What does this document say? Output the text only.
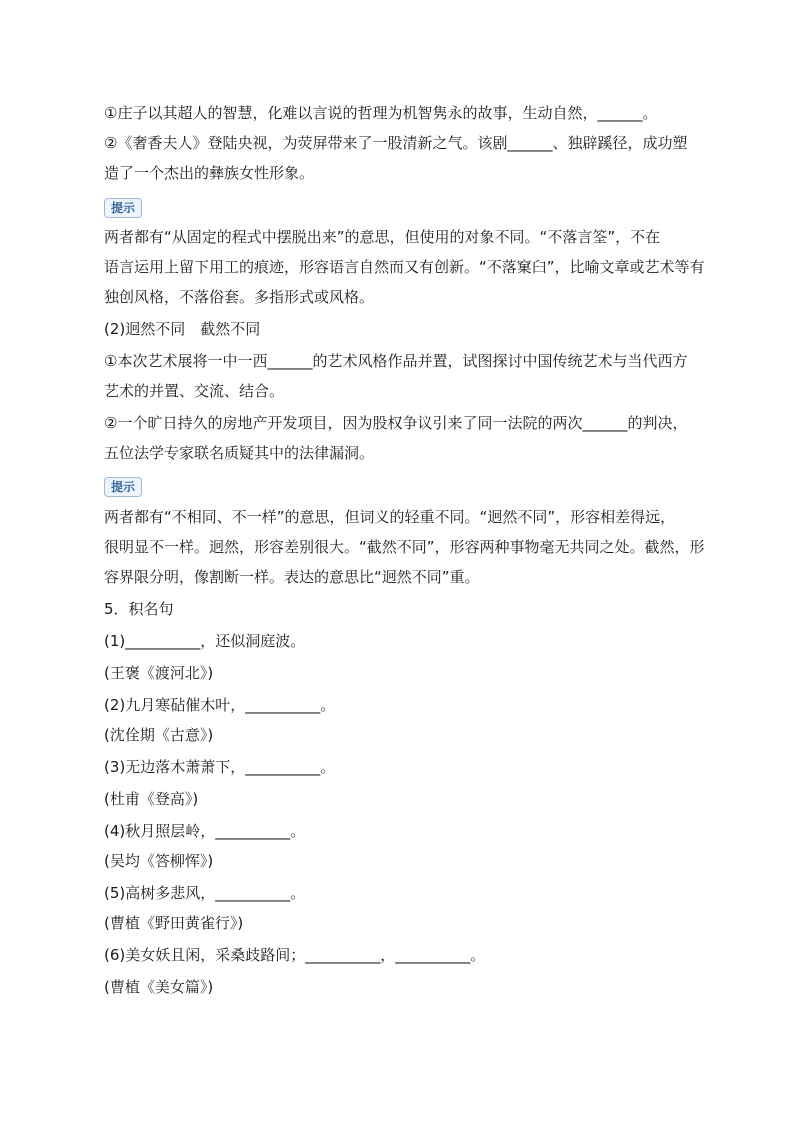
①庄子以其超人的智慧，化难以言说的哲理为机智隽永的故事，生动自然，______。
②《奢香夫人》登陆央视，为荧屏带来了一股清新之气。该剧______、独辟蹊径，成功塑
造了一个杰出的彝族女性形象。
提示
两者都有“从固定的程式中摆脱出来”的意思，但使用的对象不同。“不落言筌”，不在
语言运用上留下用工的痕迹，形容语言自然而又有创新。“不落窠臼”，比喻文章或艺术等有
独创风格，不落俗套。多指形式或风格。
(2)迥然不同　截然不同
①本次艺术展将一中一西______的艺术风格作品并置，试图探讨中国传统艺术与当代西方
艺术的并置、交流、结合。
②一个旷日持久的房地产开发项目，因为股权争议引来了同一法院的两次______的判决，
五位法学专家联名质疑其中的法律漏洞。
提示
两者都有“不相同、不一样”的意思，但词义的轻重不同。“迥然不同”，形容相差得远，
很明显不一样。迥然，形容差别很大。“截然不同”，形容两种事物毫无共同之处。截然，形
容界限分明，像割断一样。表达的意思比“迥然不同”重。
5．积名句
(1)__________，还似洞庭波。
(王褒《渡河北》)
(2)九月寒砧催木叶，__________。
(沈佺期《古意》)
(3)无边落木萧萧下，__________。
(杜甫《登高》)
(4)秋月照层岭，__________。
(吴均《答柳恽》)
(5)高树多悲风，__________。
(曹植《野田黄雀行》)
(6)美女妖且闲，采桑歧路间；__________，__________。
(曹植《美女篇》)
